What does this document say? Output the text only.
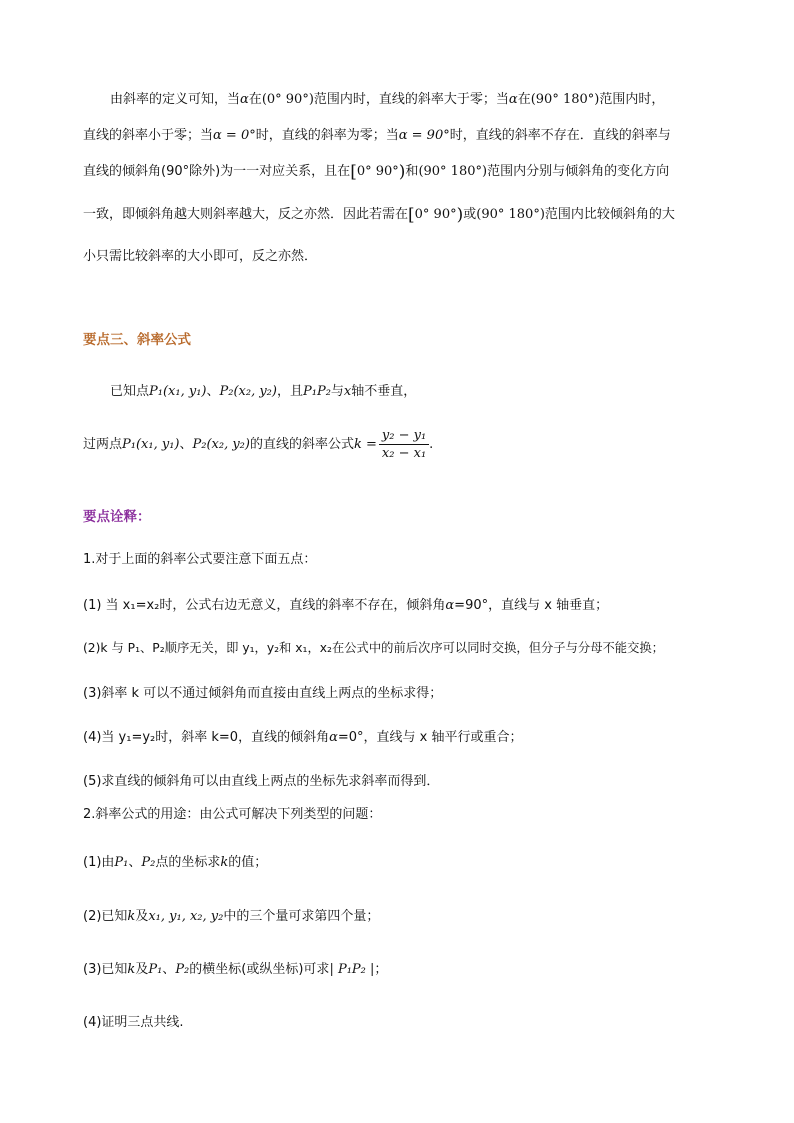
由斜率的定义可知，当α在(0° 90°)范围内时，直线的斜率大于零；当α在(90° 180°)范围内时，
直线的斜率小于零；当α = 0°时，直线的斜率为零；当α = 90°时，直线的斜率不存在．直线的斜率与
直线的倾斜角(90°除外)为一一对应关系，且在[0° 90°)和(90° 180°)范围内分别与倾斜角的变化方向
一致，即倾斜角越大则斜率越大，反之亦然．因此若需在[0° 90°)或(90° 180°)范围内比较倾斜角的大
小只需比较斜率的大小即可，反之亦然．
要点三、斜率公式
已知点P₁(x₁, y₁)、P₂(x₂, y₂)，且P₁P₂与x轴不垂直，
过两点P₁(x₁, y₁)、P₂(x₂, y₂)的直线的斜率公式$k = \frac{\text{y₂ − y₁}}{\text{x₂ − x₁}}$ .
要点诠释：
1.对于上面的斜率公式要注意下面五点：
(1) 当 x₁=x₂时，公式右边无意义，直线的斜率不存在，倾斜角α=90°，直线与 x 轴垂直；
(2)k 与 P₁、P₂顺序无关，即 y₁，y₂和 x₁，x₂在公式中的前后次序可以同时交换，但分子与分母不能交换；
(3)斜率 k 可以不通过倾斜角而直接由直线上两点的坐标求得；
(4)当 y₁=y₂时，斜率 k=0，直线的倾斜角α=0°，直线与 x 轴平行或重合；
(5)求直线的倾斜角可以由直线上两点的坐标先求斜率而得到．
2.斜率公式的用途：由公式可解决下列类型的问题：
(1)由P₁、P₂点的坐标求k的值；
(2)已知k及x₁, y₁, x₂, y₂中的三个量可求第四个量；
(3)已知k及P₁、P₂的横坐标(或纵坐标)可求| P₁P₂ |；
(4)证明三点共线.
